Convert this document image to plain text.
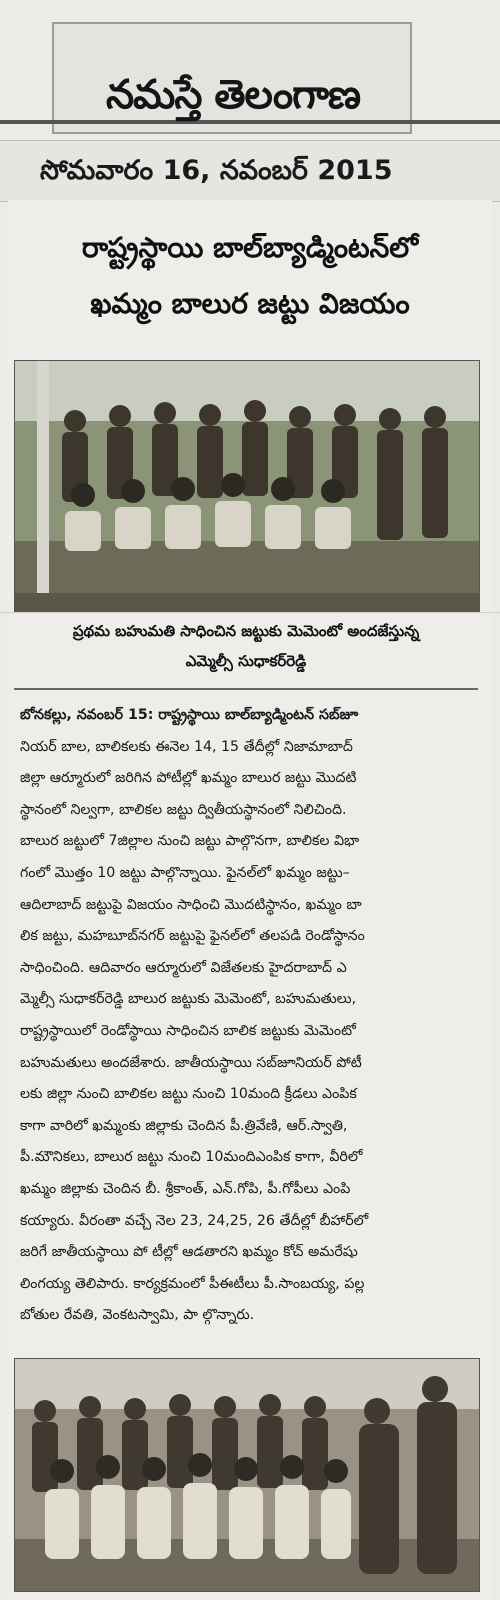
నమస్తే తెలంగాణ
సోమవారం 16, నవంబర్ 2015
రాష్ట్రస్థాయి బాల్‌బ్యాడ్మింటన్‌లో
ఖమ్మం బాలుర జట్టు విజయం
ప్రథమ బహుమతి సాధించిన జట్టుకు మెమెంటో అందజేస్తున్న
ఎమ్మెల్సీ సుధాకర్‌రెడ్డి
బోనకల్లు, నవంబర్ 15: రాష్ట్రస్థాయి బాల్‌బ్యాడ్మింటన్ సబ్‌జూ
నియర్ బాల, బాలికలకు ఈనెల 14, 15 తేదీల్లో నిజామాబాద్
జిల్లా ఆర్మూరులో జరిగిన పోటీల్లో ఖమ్మం బాలుర జట్టు మొదటి
స్థానంలో నిల్వగా, బాలికల జట్టు ద్వితీయస్థానంలో నిలిచింది.
బాలుర జట్టులో 7జిల్లాల నుంచి జట్టు పాల్గొనగా, బాలికల విభా
గంలో మొత్తం 10 జట్టు పాల్గొన్నాయి. ఫైనల్‌లో ఖమ్మం జట్టు–
ఆదిలాబాద్ జట్టుపై విజయం సాధించి మొదటిస్థానం, ఖమ్మం బా
లిక జట్టు, మహబూబ్‌నగర్ జట్టుపై ఫైనల్‌లో తలపడి రెండోస్థానం
సాధించింది. ఆదివారం ఆర్మూరులో విజేతలకు హైదరాబాద్ ఎ
మ్మెల్సీ సుధాకర్‌రెడ్డి బాలుర జట్టుకు మెమెంటో, బహుమతులు,
రాష్ట్రస్థాయిలో రెండోస్థాయి సాధించిన బాలిక జట్టుకు మెమెంటో
బహుమతులు అందజేశారు. జాతీయస్థాయి సబ్‌జూనియర్ పోటీ
లకు జిల్లా నుంచి బాలికల జట్టు నుంచి 10మంది క్రీడలు ఎంపిక
కాగా వారిలో ఖమ్మంకు జిల్లాకు చెందిన పీ.త్రివేణి, ఆర్.స్వాతి,
పీ.మౌనికలు, బాలుర జట్టు నుంచి 10మందిఎంపిక కాగా, వీరిలో
ఖమ్మం జిల్లాకు చెందిన బీ. శ్రీకాంత్, ఎన్.గోపి, పీ.గోపీలు ఎంపి
కయ్యారు. వీరంతా వచ్చే నెల 23, 24,25, 26 తేదీల్లో బీహార్‌లో
జరిగే జాతీయస్థాయి పో టీల్లో ఆడతారని ఖమ్మం కోచ్ అమరేషు
లింగయ్య తెలిపారు. కార్యక్రమంలో పీఈటీలు పీ.సాంబయ్య, పల్ల
బోతుల రేవతి, వెంకటస్వామి, పా ల్గొన్నారు.
